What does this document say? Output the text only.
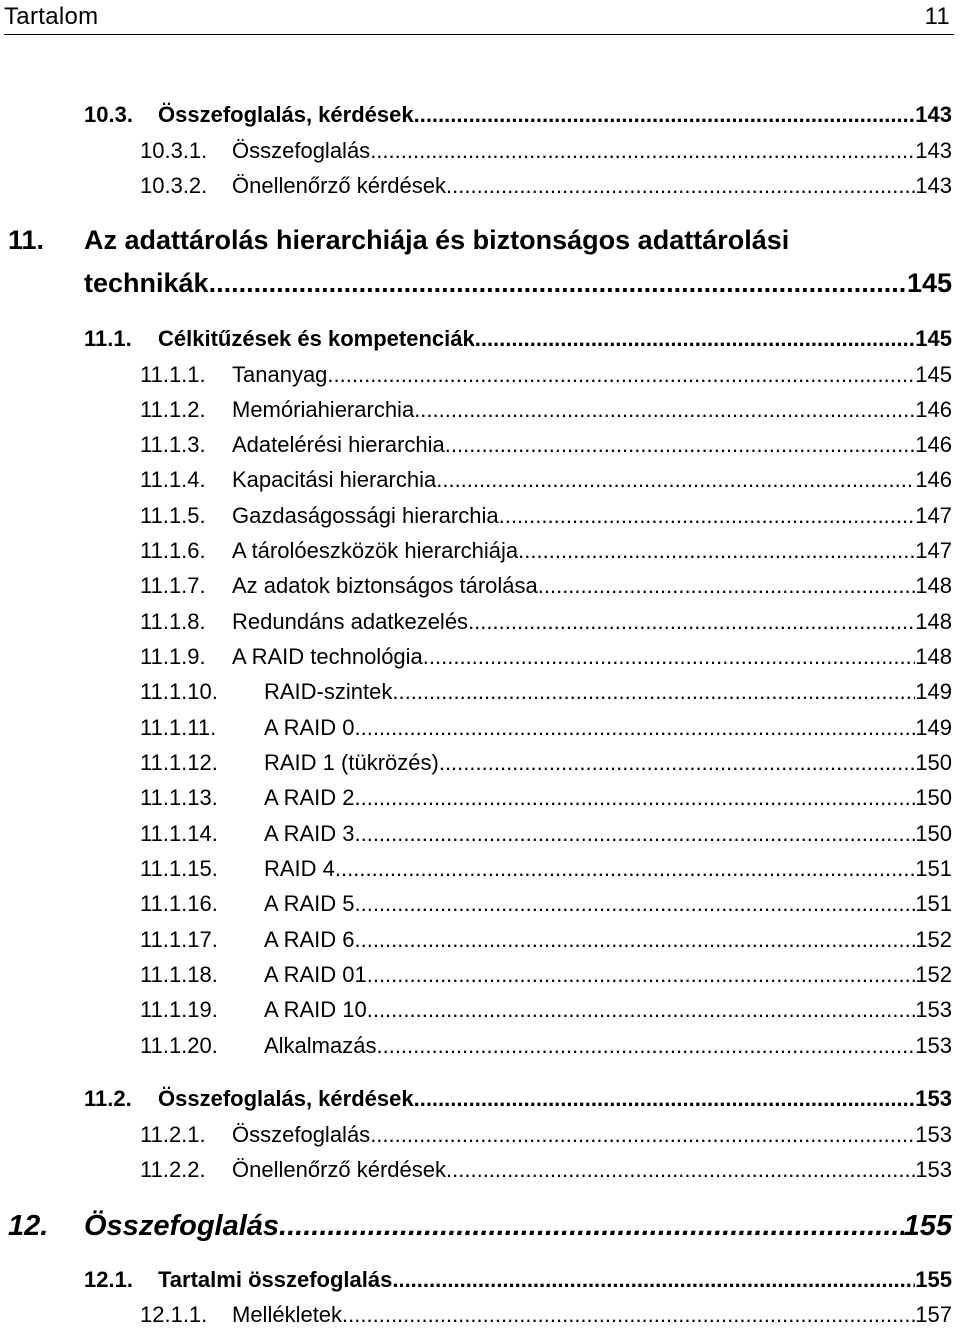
Tartalom	11
10.3.	Összefoglalás, kérdések .....	143
10.3.1.	Összefoglalás .....	143
10.3.2.	Önellenőrző kérdések .....	143
11.	Az adattárolás hierarchiája és biztonságos adattárolási
technikák .....	145
11.1.	Célkitűzések és kompetenciák .....	145
11.1.1.	Tananyag .....	145
11.1.2.	Memóriahierarchia .....	146
11.1.3.	Adatelérési hierarchia .....	146
11.1.4.	Kapacitási hierarchia .....	146
11.1.5.	Gazdaságossági hierarchia .....	147
11.1.6.	A tárolóeszközök hierarchiája .....	147
11.1.7.	Az adatok biztonságos tárolása .....	148
11.1.8.	Redundáns adatkezelés .....	148
11.1.9.	A RAID technológia .....	148
11.1.10.	RAID-szintek .....	149
11.1.11.	A RAID 0 .....	149
11.1.12.	RAID 1 (tükrözés) .....	150
11.1.13.	A RAID 2 .....	150
11.1.14.	A RAID 3 .....	150
11.1.15.	RAID 4 .....	151
11.1.16.	A RAID 5 .....	151
11.1.17.	A RAID 6 .....	152
11.1.18.	A RAID 01 .....	152
11.1.19.	A RAID 10 .....	153
11.1.20.	Alkalmazás .....	153
11.2.	Összefoglalás, kérdések .....	153
11.2.1.	Összefoglalás .....	153
11.2.2.	Önellenőrző kérdések .....	153
12.	Összefoglalás .....	155
12.1.	Tartalmi összefoglalás .....	155
12.1.1.	Mellékletek .....	157
